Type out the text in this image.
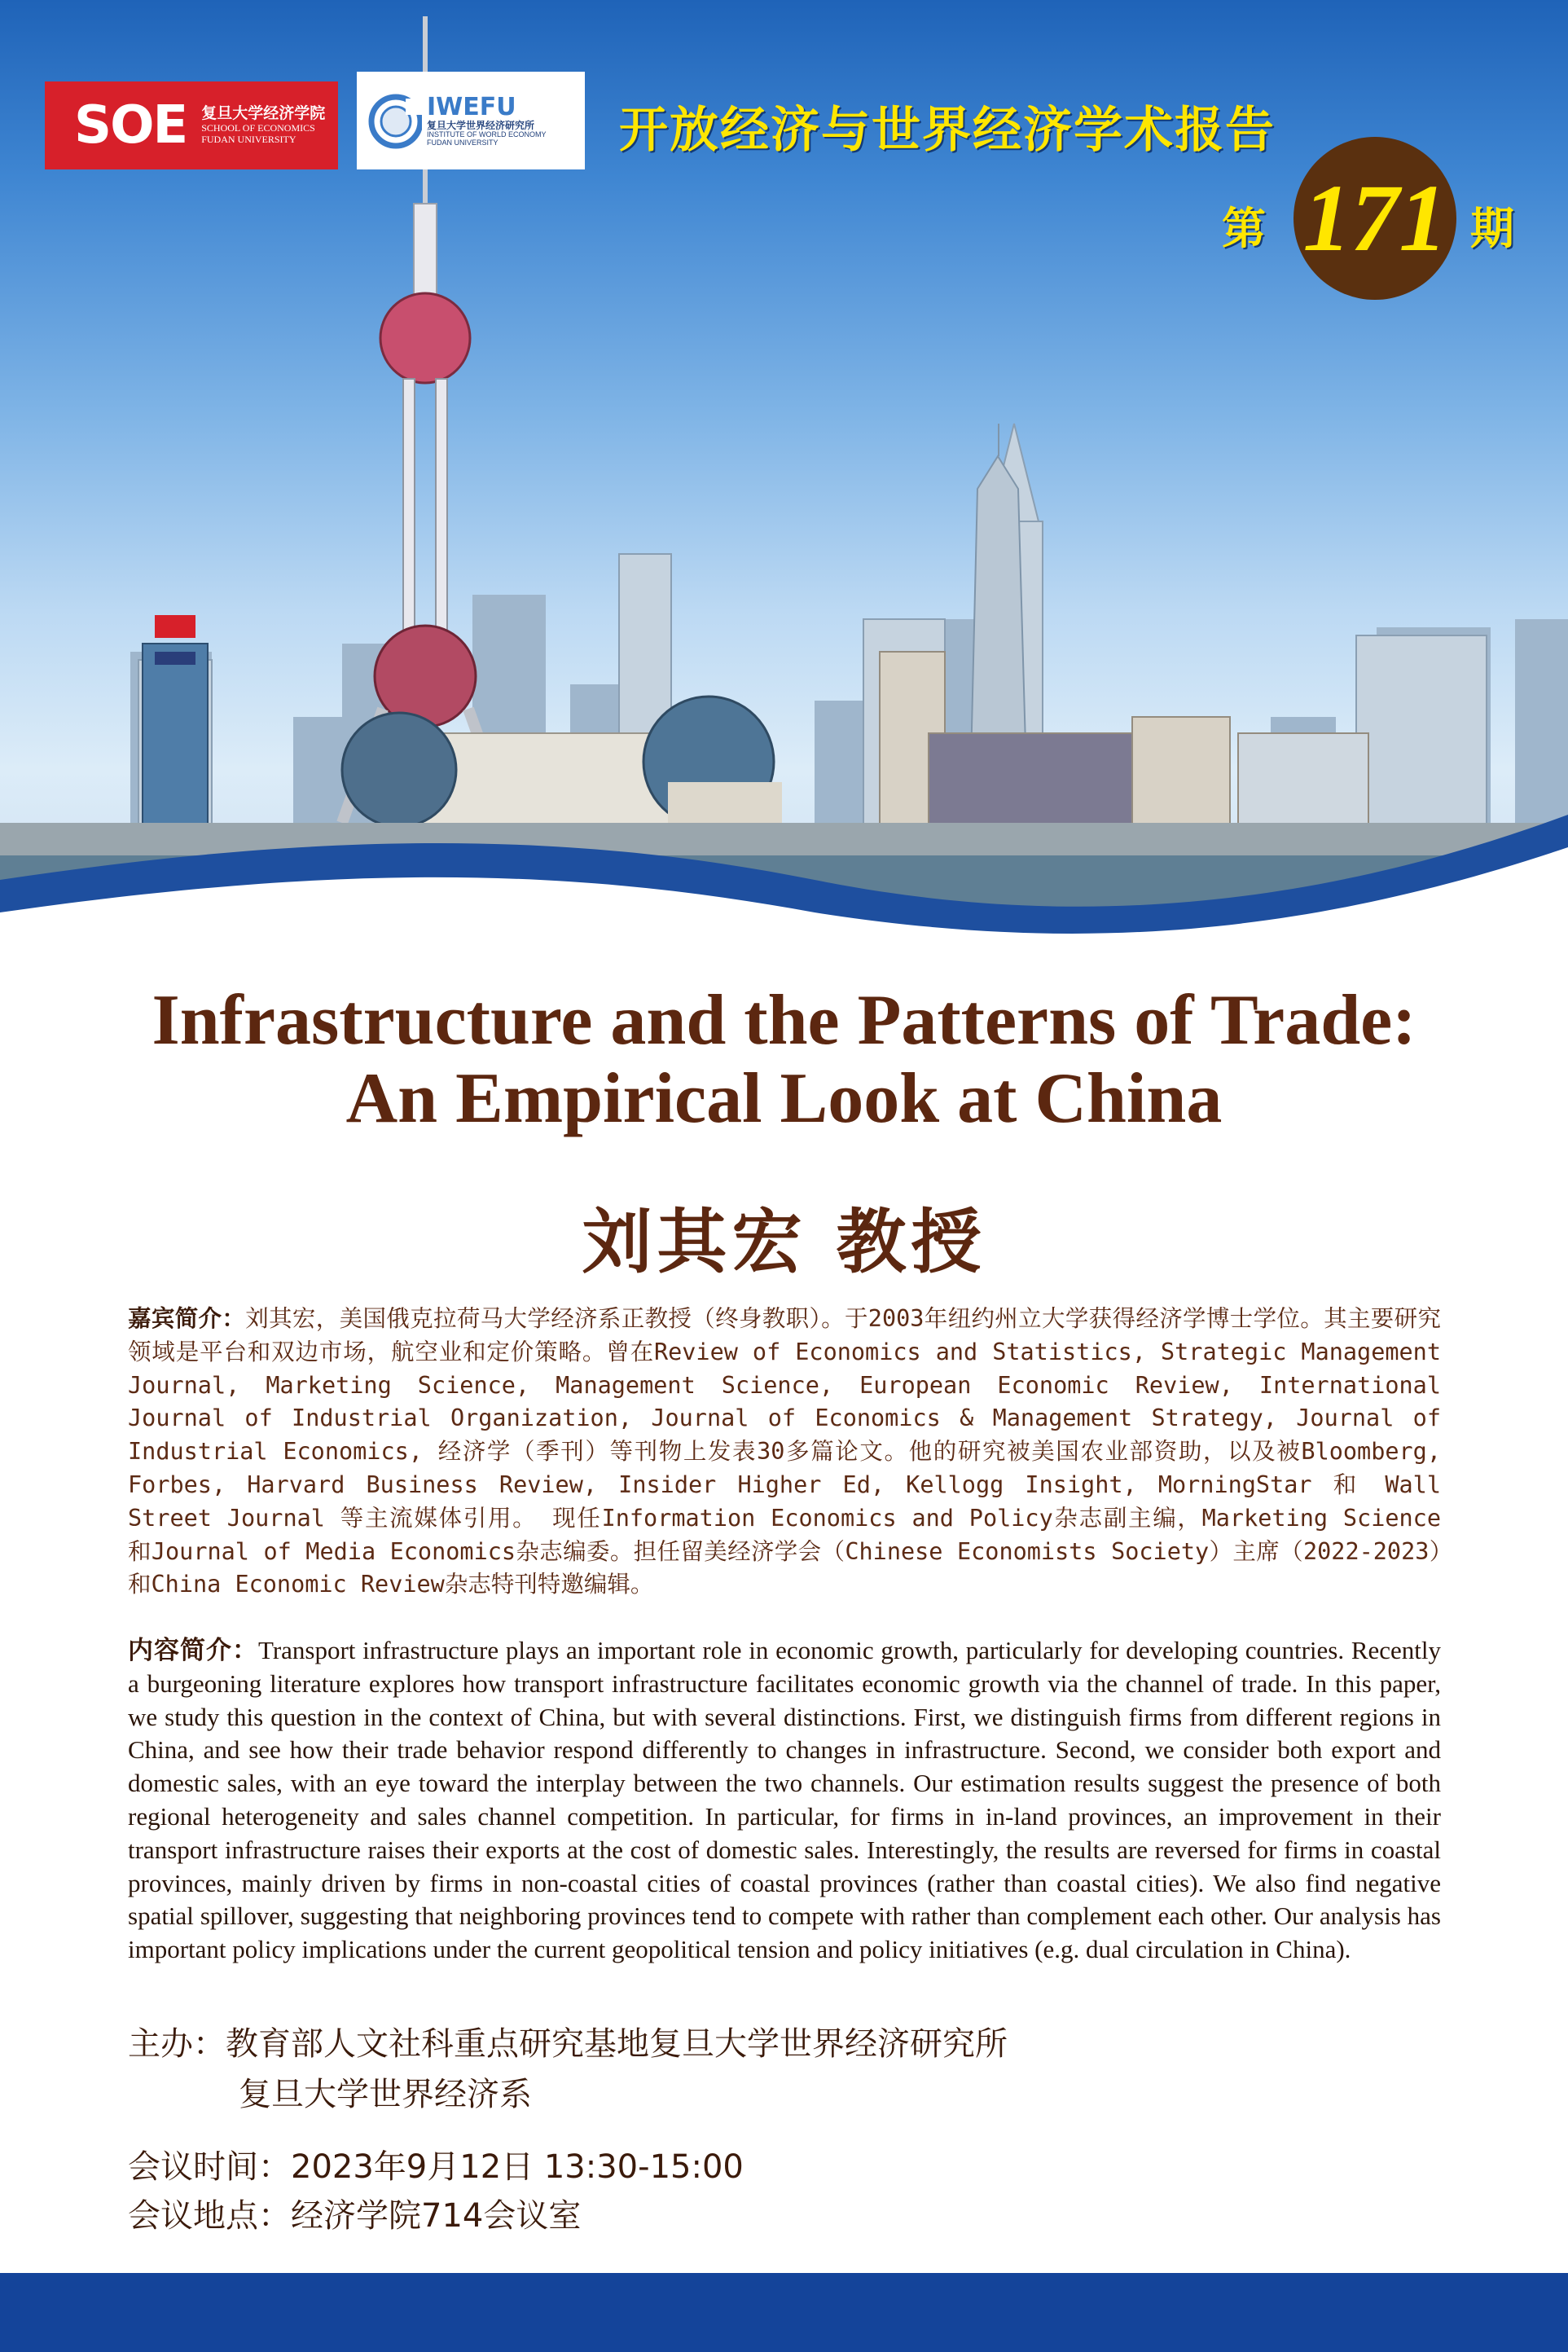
SOE 复旦大学经济学院
SCHOOL OF ECONOMICS
FUDAN UNIVERSITY
IWEFU
复旦大学世界经济研究所
INSTITUTE OF WORLD ECONOMY
FUDAN UNIVERSITY	开放经济与世界经济学术报告
第 171 期
Infrastructure and the Patterns of Trade:
An Empirical Look at China
刘其宏 教授
嘉宾简介：刘其宏，美国俄克拉荷马大学经济系正教授（终身教职）。于2003年纽约州立大学获得经济学博士学位。其主要研究领域是平台和双边市场，航空业和定价策略。曾在Review of Economics and Statistics, Strategic Management Journal, Marketing Science, Management Science, European Economic Review, International Journal of Industrial Organization, Journal of Economics & Management Strategy, Journal of Industrial Economics, 经济学（季刊）等刊物上发表30多篇论文。他的研究被美国农业部资助，以及被Bloomberg, Forbes, Harvard Business Review, Insider Higher Ed, Kellogg Insight, MorningStar 和 Wall Street Journal 等主流媒体引用。 现任Information Economics and Policy杂志副主编，Marketing Science 和Journal of Media Economics杂志编委。担任留美经济学会（Chinese Economists Society）主席（2022-2023）和China Economic Review杂志特刊特邀编辑。
内容简介：Transport infrastructure plays an important role in economic growth, particularly for developing countries. Recently a burgeoning literature explores how transport infrastructure facilitates economic growth via the channel of trade. In this paper, we study this question in the context of China, but with several distinctions. First, we distinguish firms from different regions in China, and see how their trade behavior respond differently to changes in infrastructure. Second, we consider both export and domestic sales, with an eye toward the interplay between the two channels. Our estimation results suggest the presence of both regional heterogeneity and sales channel competition. In particular, for firms in in-land provinces, an improvement in their transport infrastructure raises their exports at the cost of domestic sales. Interestingly, the results are reversed for firms in coastal provinces, mainly driven by firms in non-coastal cities of coastal provinces (rather than coastal cities). We also find negative spatial spillover, suggesting that neighboring provinces tend to compete with rather than complement each other. Our analysis has important policy implications under the current geopolitical tension and policy initiatives (e.g. dual circulation in China).
主办：教育部人文社科重点研究基地复旦大学世界经济研究所
复旦大学世界经济系
会议时间：2023年9月12日 13:30-15:00
会议地点：经济学院714会议室
